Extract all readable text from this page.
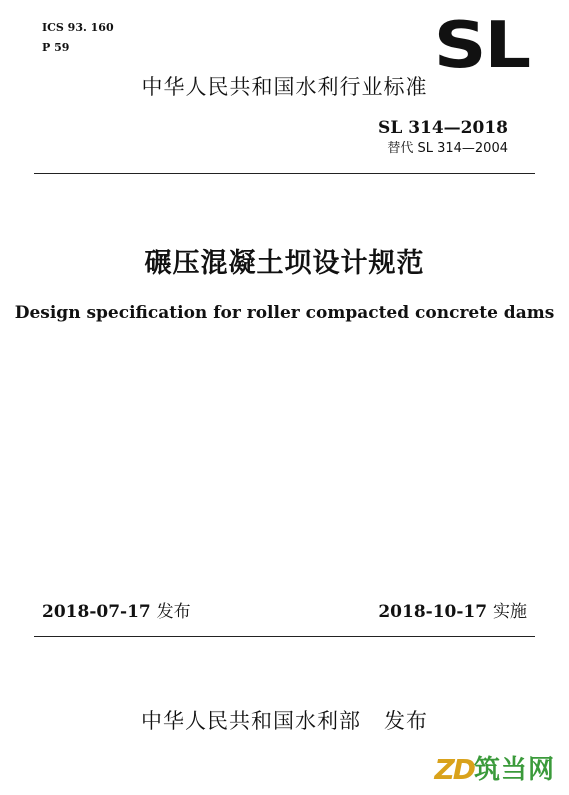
ICS 93. 160
P 59	SL
中华人民共和国水利行业标准
SL 314—2018
替代 SL 314—2004
碾压混凝土坝设计规范
Design specification for roller compacted concrete dams
2018-07-17 发布	2018-10-17 实施
中华人民共和国水利部 发布
ZD 筑当网
